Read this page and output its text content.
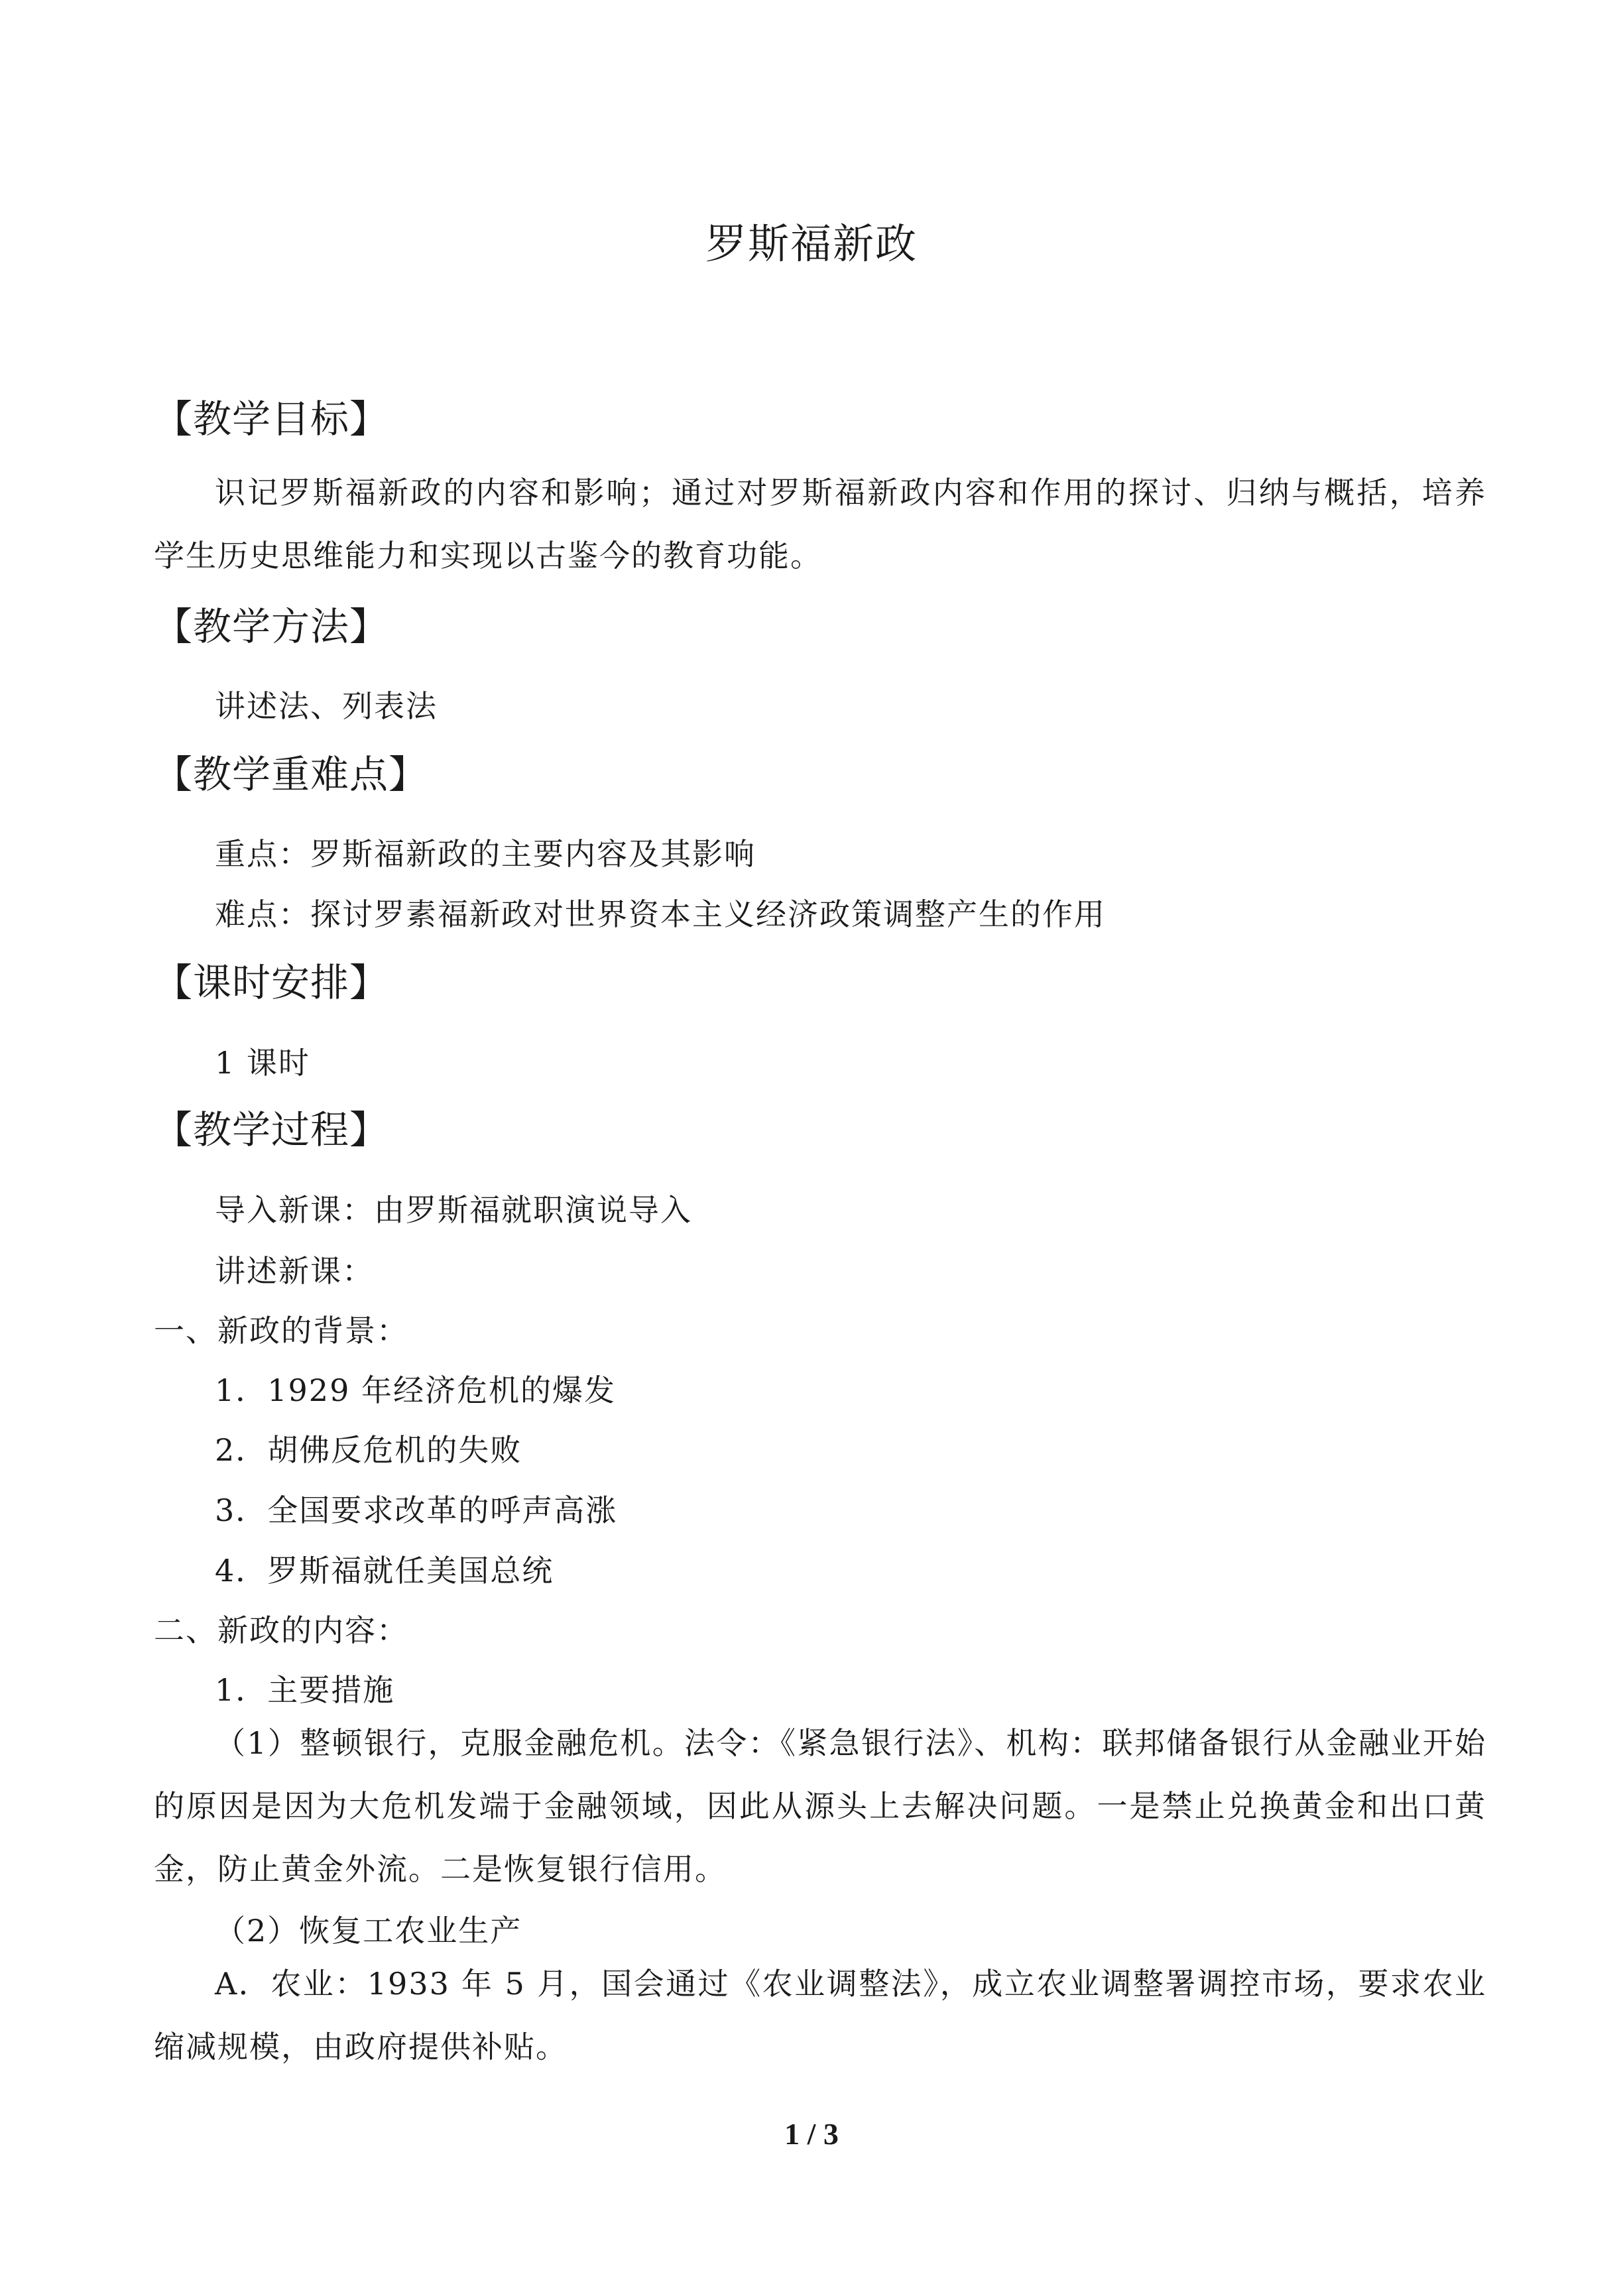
罗斯福新政
【教学目标】
识记罗斯福新政的内容和影响；通过对罗斯福新政内容和作用的探讨、归纳与概括，培养学生历史思维能力和实现以古鉴今的教育功能。
【教学方法】
讲述法、列表法
【教学重难点】
重点：罗斯福新政的主要内容及其影响
难点：探讨罗素福新政对世界资本主义经济政策调整产生的作用
【课时安排】
1 课时
【教学过程】
导入新课：由罗斯福就职演说导入
讲述新课：
一、新政的背景：
1．1929 年经济危机的爆发
2．胡佛反危机的失败
3．全国要求改革的呼声高涨
4．罗斯福就任美国总统
二、新政的内容：
1．主要措施
（1）整顿银行，克服金融危机。法令：《紧急银行法》、机构：联邦储备银行从金融业开始的原因是因为大危机发端于金融领域，因此从源头上去解决问题。一是禁止兑换黄金和出口黄金，防止黄金外流。二是恢复银行信用。
（2）恢复工农业生产
A．农业：1933 年 5 月，国会通过《农业调整法》，成立农业调整署调控市场，要求农业缩减规模，由政府提供补贴。
1 / 3
